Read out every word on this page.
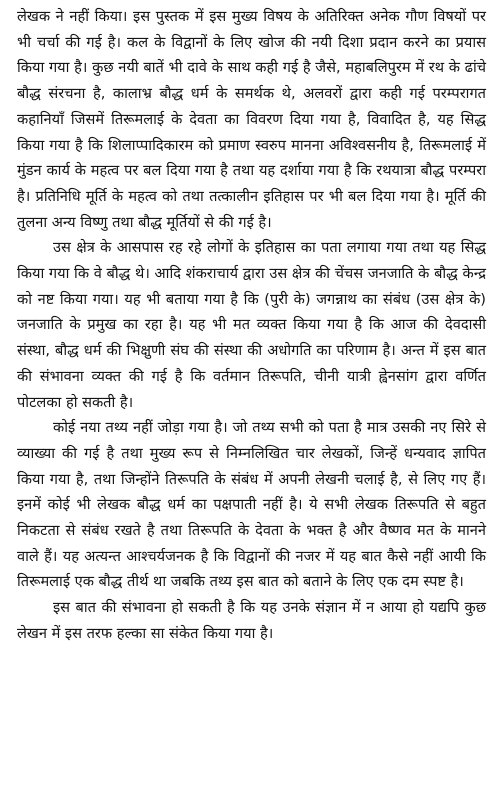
लेखक ने नहीं किया। इस पुस्तक में इस मुख्य विषय के अतिरिक्त अनेक गौण विषयों पर भी चर्चा की गई है। कल के विद्वानों के लिए खोज की नयी दिशा प्रदान करने का प्रयास किया गया है। कुछ नयी बातें भी दावे के साथ कही गई है जैसे, महाबलिपुरम में रथ के ढांचे बौद्ध संरचना है, कालाभ्र बौद्ध धर्म के समर्थक थे, अलवरों द्वारा कही गई परम्परागत कहानियाँ जिसमें तिरूमलाई के देवता का विवरण दिया गया है, विवादित है, यह सिद्ध किया गया है कि शिलाप्पादिकारम को प्रमाण स्वरुप मानना अविश्वसनीय है, तिरूमलाई में मुंडन कार्य के महत्व पर बल दिया गया है तथा यह दर्शाया गया है कि रथयात्रा बौद्ध परम्परा है। प्रतिनिधि मूर्ति के महत्व को तथा तत्कालीन इतिहास पर भी बल दिया गया है। मूर्ति की तुलना अन्य विष्णु तथा बौद्ध मूर्तियों से की गई है।

उस क्षेत्र के आसपास रह रहे लोगों के इतिहास का पता लगाया गया तथा यह सिद्ध किया गया कि वे बौद्ध थे। आदि शंकराचार्य द्वारा उस क्षेत्र की चेंचस जनजाति के बौद्ध केन्द्र को नष्ट किया गया। यह भी बताया गया है कि (पुरी के) जगन्नाथ का संबंध (उस क्षेत्र के) जनजाति के प्रमुख का रहा है। यह भी मत व्यक्त किया गया है कि आज की देवदासी संस्था, बौद्ध धर्म की भिक्षुणी संघ की संस्था की अधोगति का परिणाम है। अन्त में इस बात की संभावना व्यक्त की गई है कि वर्तमान तिरूपति, चीनी यात्री ह्वेनसांग द्वारा वर्णित पोटलका हो सकती है।

कोई नया तथ्य नहीं जोड़ा गया है। जो तथ्य सभी को पता है मात्र उसकी नए सिरे से व्याख्या की गई है तथा मुख्य रूप से निम्नलिखित चार लेखकों, जिन्हें धन्यवाद ज्ञापित किया गया है, तथा जिन्होंने तिरूपति के संबंध में अपनी लेखनी चलाई है, से लिए गए हैं। इनमें कोई भी लेखक बौद्ध धर्म का पक्षपाती नहीं है। ये सभी लेखक तिरूपति से बहुत निकटता से संबंध रखते है तथा तिरूपति के देवता के भक्त है और वैष्णव मत के मानने वाले हैं। यह अत्यन्त आश्चर्यजनक है कि विद्वानों की नजर में यह बात कैसे नहीं आयी कि तिरूमलाई एक बौद्ध तीर्थ था जबकि तथ्य इस बात को बताने के लिए एक दम स्पष्ट है।

इस बात की संभावना हो सकती है कि यह उनके संज्ञान में न आया हो यद्यपि कुछ लेखन में इस तरफ हल्का सा संकेत किया गया है।
